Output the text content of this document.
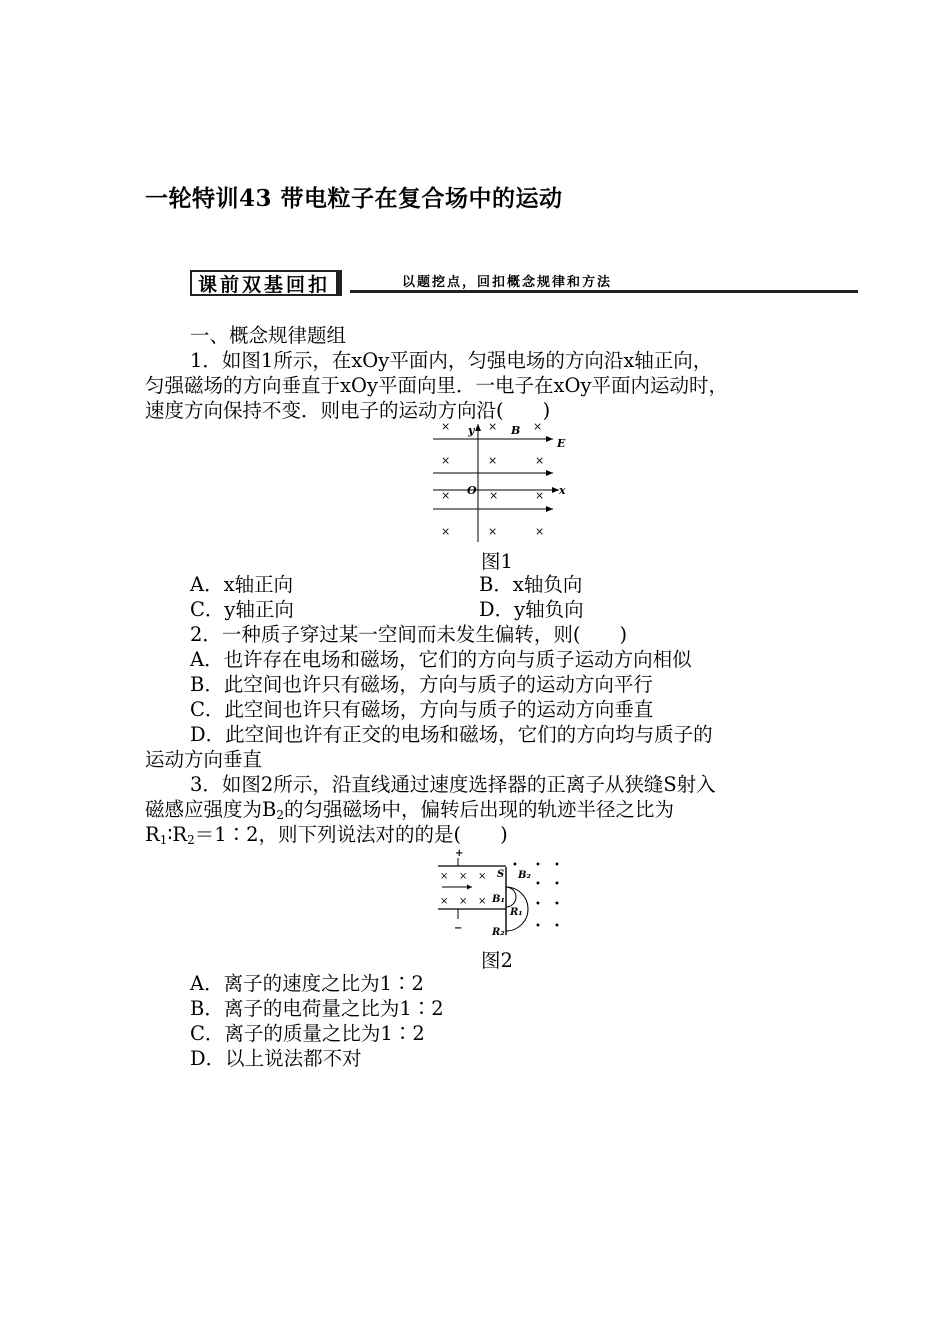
一轮特训43 带电粒子在复合场中的运动
课前双基回扣	以题挖点，回扣概念规律和方法
一、概念规律题组
1．如图1所示，在xOy平面内，匀强电场的方向沿x轴正向，
匀强磁场的方向垂直于xOy平面向里．一电子在xOy平面内运动时，
速度方向保持不变．则电子的运动方向沿(　　)
×	×	×
×	×	×
×	×	×
×	×	×
y	B
E
O	x
图1
A．x轴正向	B．x轴负向
C．y轴正向	D．y轴负向
2．一种质子穿过某一空间而未发生偏转，则(　　)
A．也许存在电场和磁场，它们的方向与质子运动方向相似
B．此空间也许只有磁场，方向与质子的运动方向平行
C．此空间也许只有磁场，方向与质子的运动方向垂直
D．此空间也许有正交的电场和磁场，它们的方向均与质子的
运动方向垂直
3．如图2所示，沿直线通过速度选择器的正离子从狭缝S射入
磁感应强度为$B_2$的匀强磁场中，偏转后出现的轨迹半径之比为
$R_1∶R_2=1∶2$，则下列说法对的的是(　　)
+
−
× × ×
× × ×
S B₂
B₁
R₁
R₂
• • •
• •
• •
• •
图2
A．离子的速度之比为1∶2
B．离子的电荷量之比为1∶2
C．离子的质量之比为1∶2
D．以上说法都不对
